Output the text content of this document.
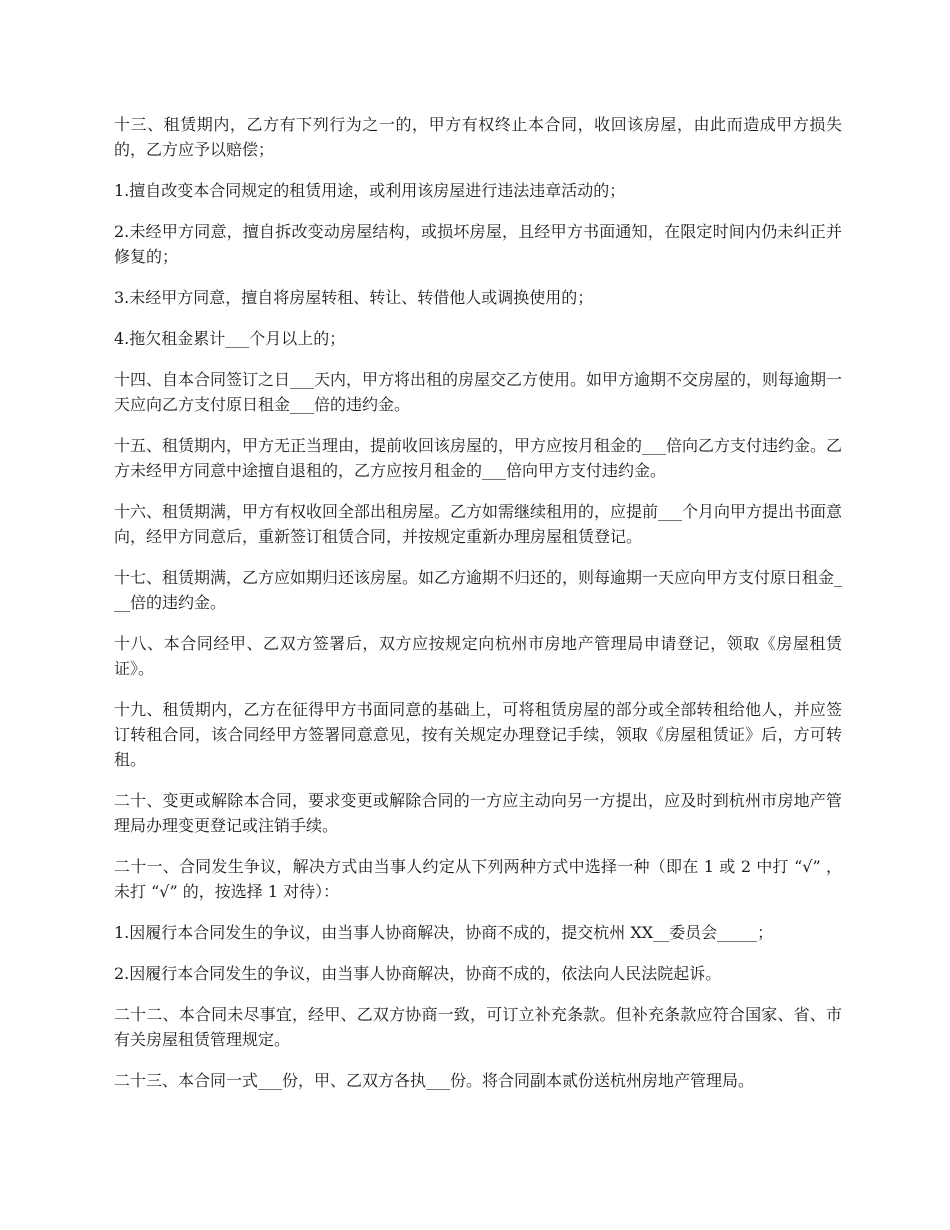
十三、租赁期内，乙方有下列行为之一的，甲方有权终止本合同，收回该房屋，由此而造成甲方损失的，乙方应予以赔偿；

1.擅自改变本合同规定的租赁用途，或利用该房屋进行违法违章活动的；

2.未经甲方同意，擅自拆改变动房屋结构，或损坏房屋，且经甲方书面通知，在限定时间内仍未纠正并修复的；

3.未经甲方同意，擅自将房屋转租、转让、转借他人或调换使用的；

4.拖欠租金累计___个月以上的；

十四、自本合同签订之日___天内，甲方将出租的房屋交乙方使用。如甲方逾期不交房屋的，则每逾期一天应向乙方支付原日租金___倍的违约金。

十五、租赁期内，甲方无正当理由，提前收回该房屋的，甲方应按月租金的___倍向乙方支付违约金。乙方未经甲方同意中途擅自退租的，乙方应按月租金的___倍向甲方支付违约金。

十六、租赁期满，甲方有权收回全部出租房屋。乙方如需继续租用的，应提前___个月向甲方提出书面意向，经甲方同意后，重新签订租赁合同，并按规定重新办理房屋租赁登记。

十七、租赁期满，乙方应如期归还该房屋。如乙方逾期不归还的，则每逾期一天应向甲方支付原日租金___倍的违约金。

十八、本合同经甲、乙双方签署后，双方应按规定向杭州市房地产管理局申请登记，领取《房屋租赁证》。

十九、租赁期内，乙方在征得甲方书面同意的基础上，可将租赁房屋的部分或全部转租给他人，并应签订转租合同，该合同经甲方签署同意意见，按有关规定办理登记手续，领取《房屋租赁证》后，方可转租。

二十、变更或解除本合同，要求变更或解除合同的一方应主动向另一方提出，应及时到杭州市房地产管理局办理变更登记或注销手续。

二十一、合同发生争议，解决方式由当事人约定从下列两种方式中选择一种（即在 1 或 2 中打 “√” ，未打 “√” 的，按选择 1 对待）：

1.因履行本合同发生的争议，由当事人协商解决，协商不成的，提交杭州 XX__委员会_____；

2.因履行本合同发生的争议，由当事人协商解决，协商不成的，依法向人民法院起诉。

二十二、本合同未尽事宜，经甲、乙双方协商一致，可订立补充条款。但补充条款应符合国家、省、市有关房屋租赁管理规定。

二十三、本合同一式___份，甲、乙双方各执___份。将合同副本贰份送杭州房地产管理局。
